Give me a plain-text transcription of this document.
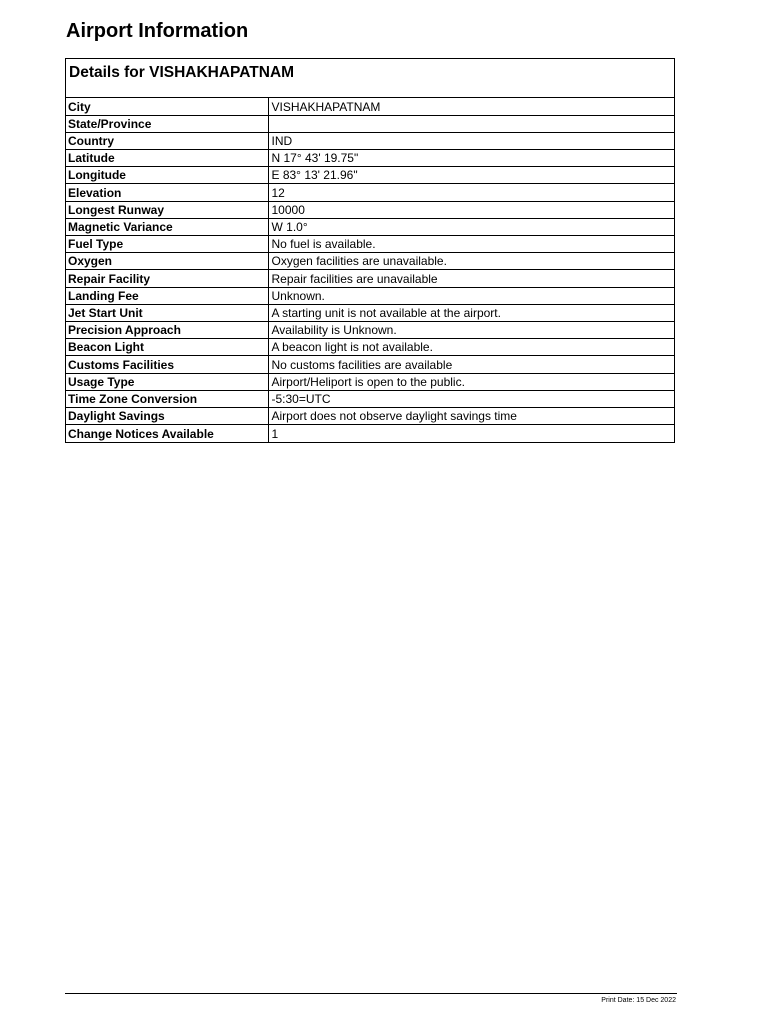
Airport Information
Details for VISHAKHAPATNAM
City	VISHAKHAPATNAM
State/Province	
Country	IND
Latitude	N 17° 43' 19.75"
Longitude	E 83° 13' 21.96"
Elevation	12
Longest Runway	10000
Magnetic Variance	W 1.0°
Fuel Type	No fuel is available.
Oxygen	Oxygen facilities are unavailable.
Repair Facility	Repair facilities are unavailable
Landing Fee	Unknown.
Jet Start Unit	A starting unit is not available at the airport.
Precision Approach	Availability is Unknown.
Beacon Light	A beacon light is not available.
Customs Facilities	No customs facilities are available
Usage Type	Airport/Heliport is open to the public.
Time Zone Conversion	-5:30=UTC
Daylight Savings	Airport does not observe daylight savings time
Change Notices Available	1
Print Date: 15 Dec 2022
